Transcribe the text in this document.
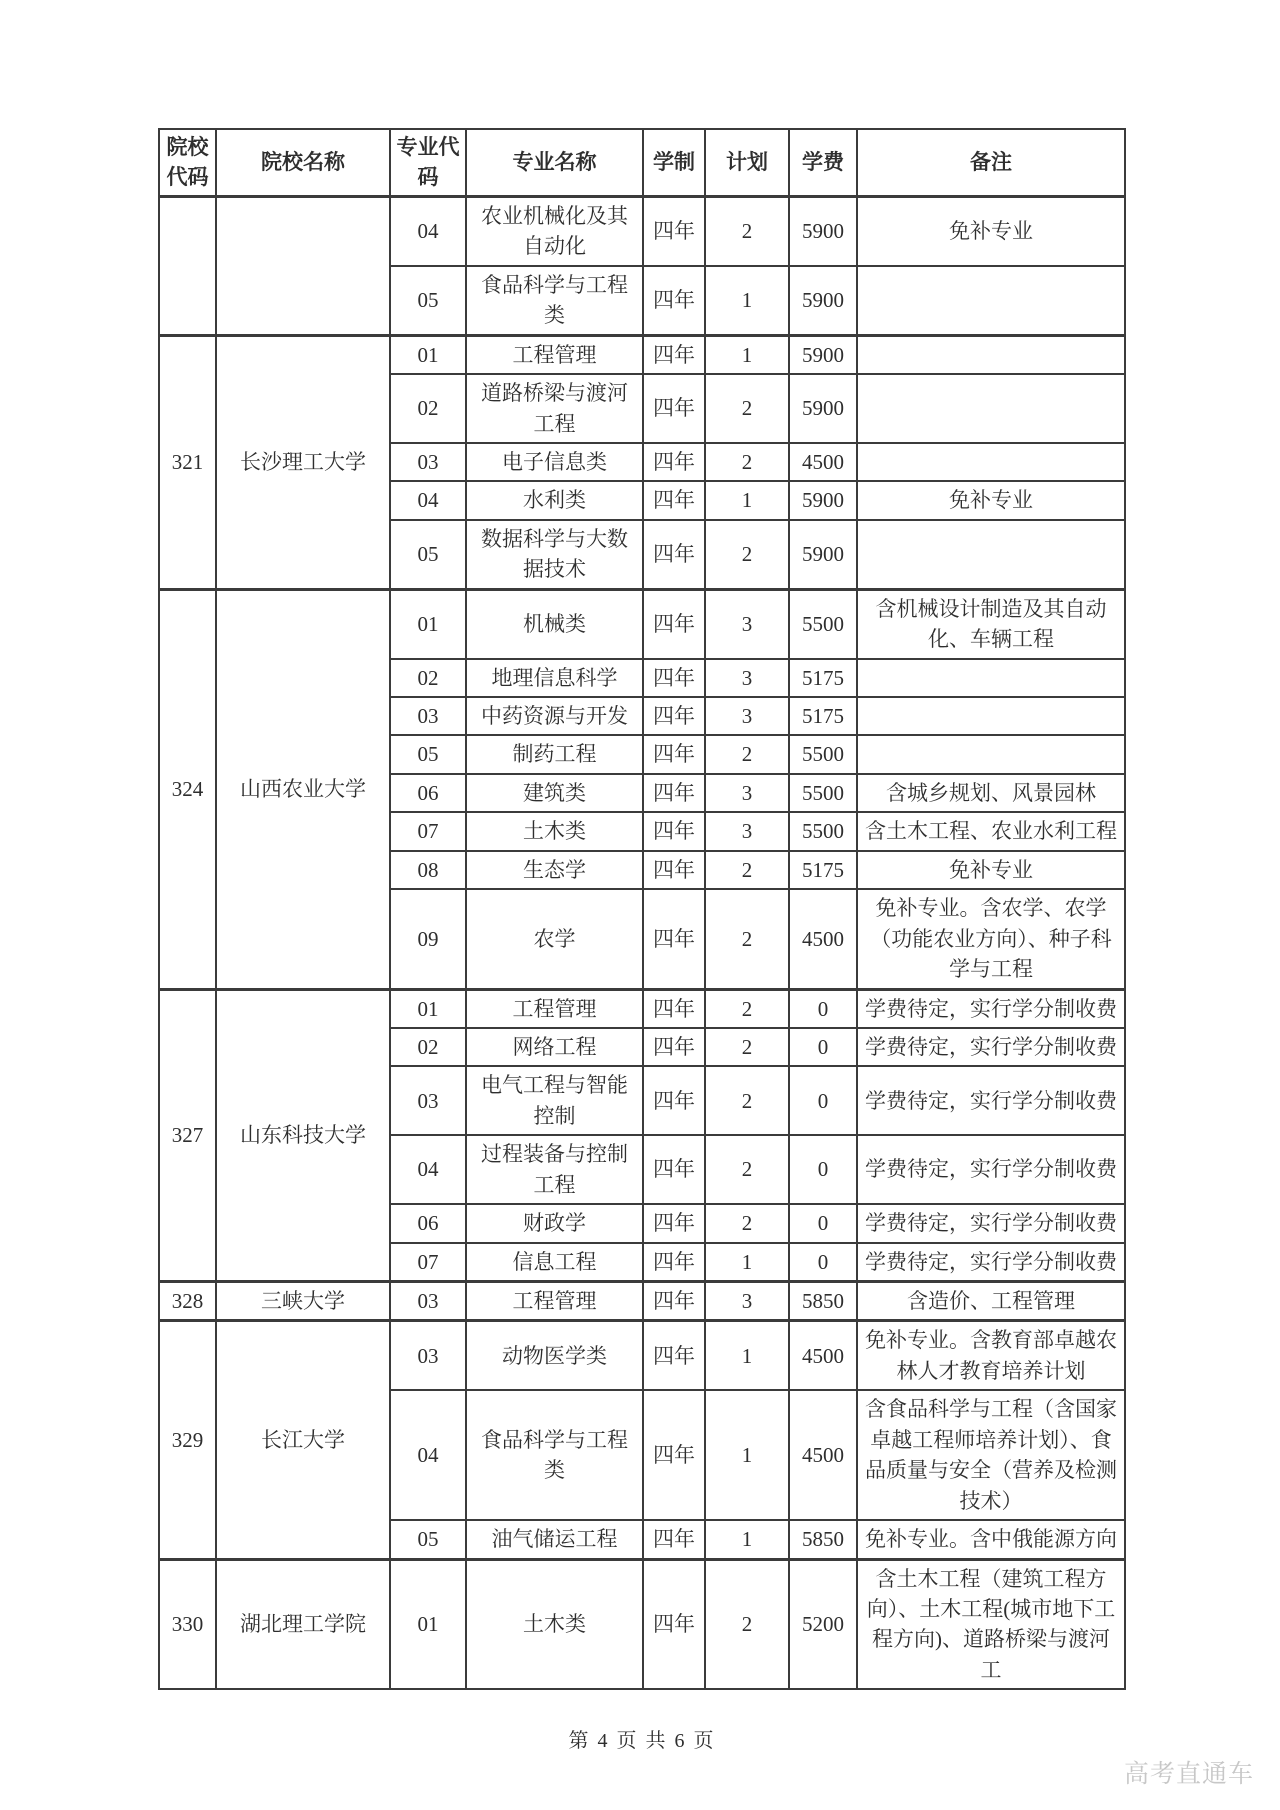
院校代码	院校名称	专业代码	专业名称	学制	计划	学费	备注
		04	农业机械化及其自动化	四年	2	5900	免补专业
		05	食品科学与工程类	四年	1	5900	
321	长沙理工大学	01	工程管理	四年	1	5900	
		02	道路桥梁与渡河工程	四年	2	5900	
		03	电子信息类	四年	2	4500	
		04	水利类	四年	1	5900	免补专业
		05	数据科学与大数据技术	四年	2	5900	
324	山西农业大学	01	机械类	四年	3	5500	含机械设计制造及其自动化、车辆工程
		02	地理信息科学	四年	3	5175	
		03	中药资源与开发	四年	3	5175	
		05	制药工程	四年	2	5500	
		06	建筑类	四年	3	5500	含城乡规划、风景园林
		07	土木类	四年	3	5500	含土木工程、农业水利工程
		08	生态学	四年	2	5175	免补专业
		09	农学	四年	2	4500	免补专业。含农学、农学（功能农业方向）、种子科学与工程
327	山东科技大学	01	工程管理	四年	2	0	学费待定，实行学分制收费
		02	网络工程	四年	2	0	学费待定，实行学分制收费
		03	电气工程与智能控制	四年	2	0	学费待定，实行学分制收费
		04	过程装备与控制工程	四年	2	0	学费待定，实行学分制收费
		06	财政学	四年	2	0	学费待定，实行学分制收费
		07	信息工程	四年	1	0	学费待定，实行学分制收费
328	三峡大学	03	工程管理	四年	3	5850	含造价、工程管理
329	长江大学	03	动物医学类	四年	1	4500	免补专业。含教育部卓越农林人才教育培养计划
		04	食品科学与工程类	四年	1	4500	含食品科学与工程（含国家卓越工程师培养计划）、食品质量与安全（营养及检测技术）
		05	油气储运工程	四年	1	5850	免补专业。含中俄能源方向
330	湖北理工学院	01	土木类	四年	2	5200	含土木工程（建筑工程方向）、土木工程(城市地下工程方向)、道路桥梁与渡河工
第 4 页 共 6 页
高考直通车
